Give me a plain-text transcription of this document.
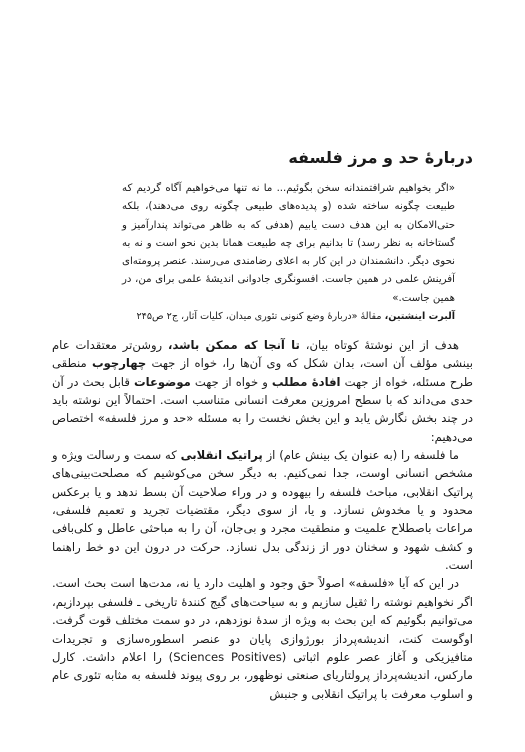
دربارهٔ حد و مرز فلسفه

«اگر بخواهیم شرافتمندانه سخن بگوئیم... ما نه تنها می‌خواهیم آگاه گردیم که طبیعت چگونه ساخته شده (و پدیده‌های طبیعی چگونه روی می‌دهند)، بلکه حتی‌الامکان به این هدف دست یابیم (هدفی که به ظاهر می‌تواند پندارآمیز و گستاخانه به نظر رسد) تا بدانیم برای چه طبیعت همانا بدین نحو است و نه به نحوی دیگر. دانشمندان در این کار به اعلای رضامندی می‌رسند. عنصر پرومته‌ای آفرینش علمی در همین جاست. افسونگری جادوانی اندیشهٔ علمی برای من، در همین جاست.»

آلبرت اینشتین، مقالهٔ «دربارهٔ وضع کنونی تئوری میدان، کلیات آثار، ج۲ ص۲۴۵

هدف از این نوشتهٔ کوتاه بیان، تا آنجا که ممکن باشد، روشن‌تر معتقدات عام بینشی مؤلف آن است، بدان شکل که وی آن‌ها را، خواه از جهت چهارچوب منطقی طرح مسئله، خواه از جهت افادهٔ مطلب و خواه از جهت موضوعات قابل بحث در آن حدی می‌داند که با سطح امروزین معرفت انسانی متناسب است. احتمالاً این نوشته باید در چند بخش نگارش یابد و این بخش نخست را به مسئله «حد و مرز فلسفه» اختصاص می‌دهیم:

ما فلسفه را (به عنوان یک بینش عام) از پراتیک انقلابی که سمت و رسالت ویژه و مشخص انسانی اوست، جدا نمی‌کنیم. به دیگر سخن می‌کوشیم که مصلحت‌بینی‌های پراتیک انقلابی، مباحث فلسفه را بیهوده و در وراء صلاحیت آن بسط ندهد و یا برعکس محدود و یا مخدوش نسازد. و یا، از سوی دیگر، مقتضیات تجرید و تعمیم فلسفی، مراعات باصطلاح علمیت و منطقیت مجرد و بی‌جان، آن را به مباحثی عاطل و کلی‌بافی و کشف شهود و سخنان دور از زندگی بدل نسازد. حرکت در درون این دو خط راهنما است.

در این که آیا «فلسفه» اصولاً حق وجود و اهلیت دارد یا نه، مدت‌ها است بحث است. اگر نخواهیم نوشته را ثقیل سازیم و به سیاحت‌های گیج کنندهٔ تاریخی ـ فلسفی بپردازیم، می‌توانیم بگوئیم که این بحث به ویژه از سدهٔ نوزدهم، در دو سمت مختلف قوت گرفت. اوگوست کنت، اندیشه‌پرداز بورژوازی پایان دو عنصر اسطوره‌سازی و تجریدات متافیزیکی و آغاز عصر علوم اثباتی (Sciences Positives) را اعلام داشت. کارل مارکس، اندیشه‌پرداز پرولتاریای صنعتی نوظهور، بر روی پیوند فلسفه به مثابه تئوری عام و اسلوب معرفت با پراتیک انقلابی و جنبش
